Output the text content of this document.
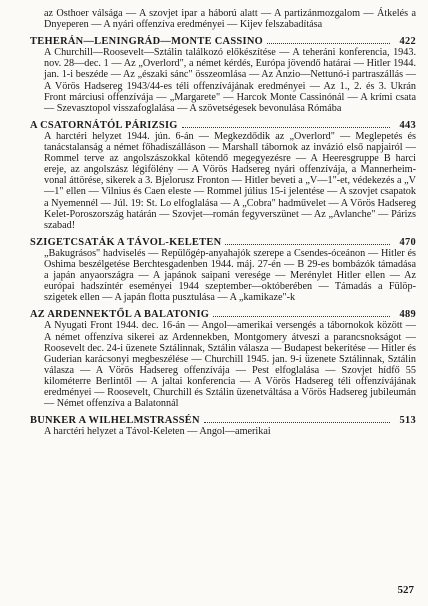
az Osthoer válsága — A szovjet ipar a háború alatt — A partizánmozgalom — Átkelés a Dnyeperen — A nyári offenzíva eredményei — Kijev felszabadítása

TEHERÁN—LENINGRÁD—MONTE CASSINO	422

A Churchill—Roosevelt—Sztálin találkozó előkészítése — A teheráni konferencia, 1943. nov. 28—dec. 1 — Az „Overlord", a német kérdés, Európa jövendő határai — Hitler 1944. jan. 1-i beszéde — Az „északi sánc" összeomlása — Az Anzio—Nettunó-i partraszállás — A Vörös Hadsereg 1943/44-es téli offenzívájának eredményei — Az 1., 2. és 3. Ukrán Front márciusi offenzívája — „Margarete" — Harcok Monte Cassinónál — A krími csata — Szevasztopol visszafoglalása — A szövetségesek bevonulása Rómába

A CSATORNÁTÓL PÁRIZSIG	443

A harctéri helyzet 1944. jún. 6-án — Megkezdődik az „Overlord" — Meglepetés és tanácstalanság a német főhadiszálláson — Marshall tábornok az invázió első napjairól — Rommel terve az angolszászokkal kötendő megegyezésre — A Heeresgruppe B harci ereje, az angolszász légifölény — A Vörös Hadsereg nyári offenzívája, a Mannerheim-vonal áttörése, sikerek a 3. Bjelorusz Fronton — Hitler beveti a „V—1"-et, védekezés a „V—1" ellen — Vilnius és Caen eleste — Rommel július 15-i jelentése — A szovjet csapatok a Nyemennél — Júl. 19: St. Lo elfoglalása — A „Cobra" hadművelet — A Vörös Hadsereg Kelet-Poroszország határán — Szovjet—román fegyverszünet — Az „Avlanche" — Párizs szabad!

SZIGETCSATÁK A TÁVOL-KELETEN	470

„Bakugrásos" hadviselés — Repülőgép-anyahajók szerepe a Csendes-óceánon — Hitler és Oshima beszélgetése Berchtesgadenben 1944. máj. 27-én — B 29-es bombázók támadása a japán anyaországra — A japánok saipani veresége — Merénylet Hitler ellen — Az európai hadszíntér eseményei 1944 szeptember—októberében — Támadás a Fülöp-szigetek ellen — A japán flotta pusztulása — A „kamikaze"-k

AZ ARDENNEKTŐL A BALATONIG	489

A Nyugati Front 1944. dec. 16-án — Angol—amerikai versengés a tábornokok között — A német offenzíva sikerei az Ardennekben, Montgomery átveszi a parancsnokságot — Roosevelt dec. 24-i üzenete Sztálinnak, Sztálin válasza — Budapest bekerítése — Hitler és Guderian karácsonyi megbeszélése — Churchill 1945. jan. 9-i üzenete Sztálinnak, Sztálin válasza — A Vörös Hadsereg offenzívája — Pest elfoglalása — Szovjet hídfő 55 kilométerre Berlintől — A jaltai konferencia — A Vörös Hadsereg téli offenzívájának eredményei — Roosevelt, Churchill és Sztálin üzenetváltása a Vörös Hadsereg jubileumán — Német offenzíva a Balatonnál

BUNKER A WILHELMSTRASSÉN	513

A harctéri helyzet a Távol-Keleten — Angol—amerikai

527
